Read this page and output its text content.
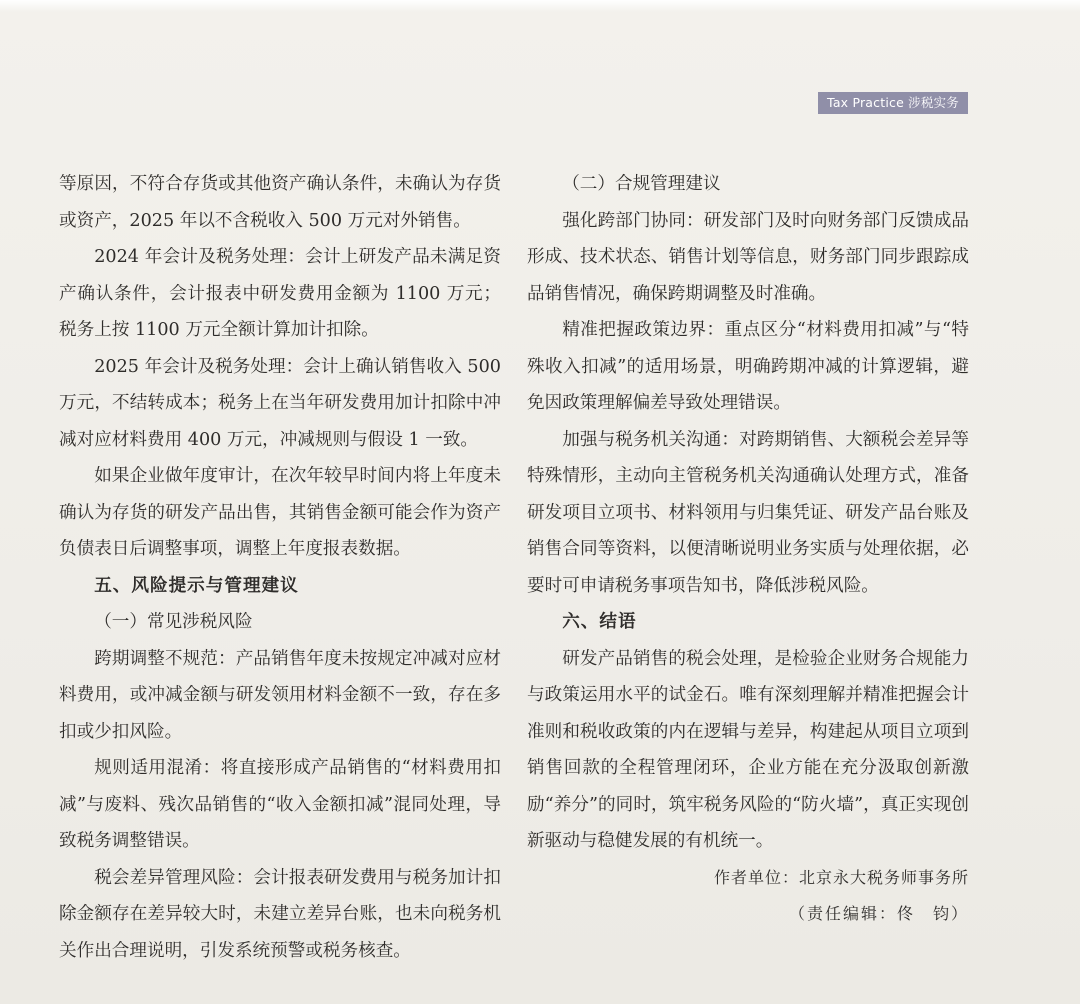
Tax Practice 涉税实务

等原因，不符合存货或其他资产确认条件，未确认为存货或资产，2025 年以不含税收入 500 万元对外销售。

2024 年会计及税务处理：会计上研发产品未满足资产确认条件，会计报表中研发费用金额为 1100 万元；税务上按 1100 万元全额计算加计扣除。

2025 年会计及税务处理：会计上确认销售收入 500 万元，不结转成本；税务上在当年研发费用加计扣除中冲减对应材料费用 400 万元，冲减规则与假设 1 一致。

如果企业做年度审计，在次年较早时间内将上年度未确认为存货的研发产品出售，其销售金额可能会作为资产负债表日后调整事项，调整上年度报表数据。

五、风险提示与管理建议

（一）常见涉税风险

跨期调整不规范：产品销售年度未按规定冲减对应材料费用，或冲减金额与研发领用材料金额不一致，存在多扣或少扣风险。

规则适用混淆：将直接形成产品销售的“材料费用扣减”与废料、残次品销售的“收入金额扣减”混同处理，导致税务调整错误。

税会差异管理风险：会计报表研发费用与税务加计扣除金额存在差异较大时，未建立差异台账，也未向税务机关作出合理说明，引发系统预警或税务核查。

（二）合规管理建议

强化跨部门协同：研发部门及时向财务部门反馈成品形成、技术状态、销售计划等信息，财务部门同步跟踪成品销售情况，确保跨期调整及时准确。

精准把握政策边界：重点区分“材料费用扣减”与“特殊收入扣减”的适用场景，明确跨期冲减的计算逻辑，避免因政策理解偏差导致处理错误。

加强与税务机关沟通：对跨期销售、大额税会差异等特殊情形，主动向主管税务机关沟通确认处理方式，准备研发项目立项书、材料领用与归集凭证、研发产品台账及销售合同等资料，以便清晰说明业务实质与处理依据，必要时可申请税务事项告知书，降低涉税风险。

六、结语

研发产品销售的税会处理，是检验企业财务合规能力与政策运用水平的试金石。唯有深刻理解并精准把握会计准则和税收政策的内在逻辑与差异，构建起从项目立项到销售回款的全程管理闭环，企业方能在充分汲取创新激励“养分”的同时，筑牢税务风险的“防火墙”，真正实现创新驱动与稳健发展的有机统一。

作者单位：北京永大税务师事务所

（责任编辑：佟　钧）
